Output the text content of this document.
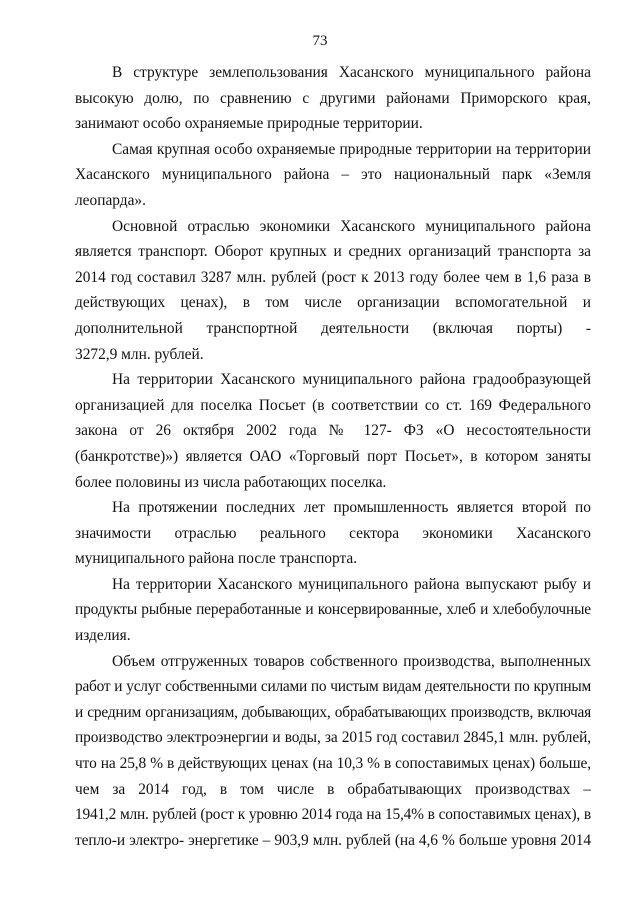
73
В структуре землепользования Хасанского муниципального района
высокую долю, по сравнению с другими районами Приморского края,
занимают особо охраняемые природные территории.
Самая крупная особо охраняемые природные территории на территории
Хасанского муниципального района – это национальный парк «Земля
леопарда».
Основной отраслью экономики Хасанского муниципального района
является транспорт. Оборот крупных и средних организаций транспорта за
2014 год составил 3287 млн. рублей (рост к 2013 году более чем в 1,6 раза в
действующих ценах), в том числе организации вспомогательной и
дополнительной транспортной деятельности (включая порты) -
3272,9 млн. рублей.
На территории Хасанского муниципального района градообразующей
организацией для поселка Посьет (в соответствии со ст. 169 Федерального
закона от 26 октября 2002 года № 127- ФЗ «О несостоятельности
(банкротстве)») является ОАО «Торговый порт Посьет», в котором заняты
более половины из числа работающих поселка.
На протяжении последних лет промышленность является второй по
значимости отраслью реального сектора экономики Хасанского
муниципального района после транспорта.
На территории Хасанского муниципального района выпускают рыбу и
продукты рыбные переработанные и консервированные, хлеб и хлебобулочные
изделия.
Объем отгруженных товаров собственного производства, выполненных
работ и услуг собственными силами по чистым видам деятельности по крупным
и средним организациям, добывающих, обрабатывающих производств, включая
производство электроэнергии и воды, за 2015 год составил 2845,1 млн. рублей,
что на 25,8 % в действующих ценах (на 10,3 % в сопоставимых ценах) больше,
чем за 2014 год, в том числе в обрабатывающих производствах –
1941,2 млн. рублей (рост к уровню 2014 года на 15,4% в сопоставимых ценах), в
тепло-и электро- энергетике – 903,9 млн. рублей (на 4,6 % больше уровня 2014
